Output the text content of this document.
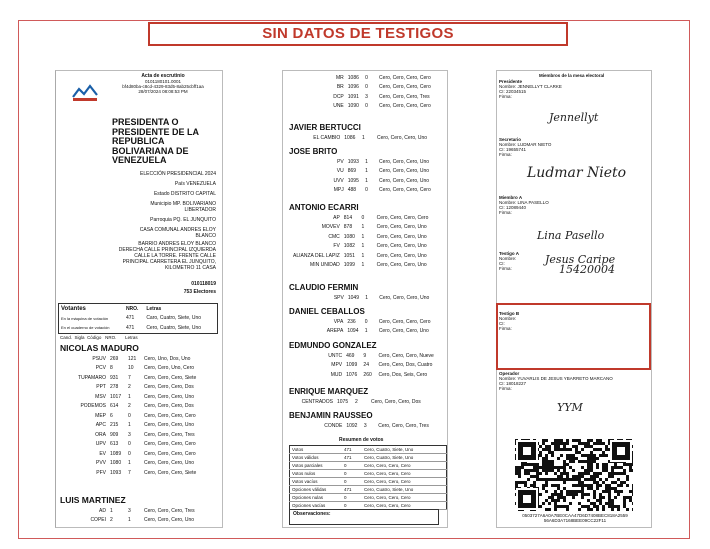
SIN DATOS DE TESTIGOS
Acta de escrutinio
0101180101.0001
bf4d80ba-c8cd-4329-83d5-8ab25cbff1aa
28/07/2024 08:08:53 PM
PRESIDENTA O PRESIDENTE DE LA REPUBLICA BOLIVARIANA DE VENEZUELA
ELECCIÓN PRESIDENCIAL 2024
País VENEZUELA
Estado DISTRITO CAPITAL
Municipio MP. BOLIVARIANO LIBERTADOR
Parroquia PQ. EL JUNQUITO
CASA COMUNAL ANDRES ELOY BLANCO
BARRIO ANDRES ELOY BLANCO DERECHA CALLE PRINCIPAL IZQUIERDA CALLE LA TORRE. FRENTE CALLE PRINCIPAL CARRETERA EL JUNQUITO, KILOMETRO 11 CASA
010118019
753 Electores
Votantes	NRO.	Letras
En la máquina de votación	471	Caro, Cuatro, Siete, Uno
En el cuaderno de votación	471	Cero, Cuatro, Siete, Uno
Cand. Sigla Código NRO. Letras
NICOLAS MADURO
PSUV	269	121	Cero, Uno, Dos, Uno
PCV	8	10	Cero, Cero, Uno, Cero
TUPAMARO	931	7	Cero, Cero, Cero, Siete
PPT	278	2	Cero, Cero, Cero, Dos
MSV	1017	1	Cero, Cero, Cero, Uno
PODEMOS	614	2	Cero, Cero, Cero, Dos
MEP	6	0	Cero, Cero, Cero, Cero
APC	215	1	Cero, Cero, Cero, Uno
ORA	909	3	Cero, Cero, Cero, Tres
UPV	613	0	Cero, Cero, Cero, Cero
EV	1089	0	Cero, Cero, Cero, Cero
PVV	1080	1	Cero, Cero, Cero, Uno
PFV	1093	7	Cero, Cero, Cero, Siete
LUIS MARTINEZ
AD	1	3	Cero, Cero, Cero, Tres
COPEI	2	1	Cero, Cero, Cero, Uno
MR	1086	0	Cero, Cero, Cero, Cero
BR	1096	0	Cero, Cero, Cero, Cero
DCP	1091	3	Cero, Cero, Cero, Tres
UNE	1090	0	Cero, Cero, Cero, Cero
JAVIER BERTUCCI
EL CAMBIO	1086	1	Cero, Cero, Cero, Uno
JOSE BRITO
PV	1093	1	Cero, Cero, Cero, Uno
VU	869	1	Cero, Cero, Cero, Uno
UVV	1095	1	Cero, Cero, Cero, Uno
MPJ	488	0	Cero, Cero, Cero, Cero
ANTONIO ECARRI
AP	814	0	Cero, Cero, Cero, Cero
MOVEV	878	1	Cero, Cero, Cero, Uno
CMC	1080	1	Cero, Cero, Cero, Uno
FV	1082	1	Cero, Cero, Cero, Uno
ALIANZA DEL LAPIZ	1051	1	Cero, Cero, Cero, Uno
MIN UNIDAD	1099	1	Cero, Cero, Cero, Uno
CLAUDIO FERMIN
SPV	1049	1	Cero, Cero, Cero, Uno
DANIEL CEBALLOS
VPA	236	0	Cero, Cero, Cero, Cero
AREPA	1094	1	Cero, Cero, Cero, Uno
EDMUNDO GONZALEZ
UNTC	469	9	Cero, Cero, Cero, Nueve
MPV	1099	24	Cero, Cero, Dos, Cuatro
MUD	1076	260	Cero, Dos, Seis, Cero
ENRIQUE MARQUEZ
CENTRADOS	1075	2	Cero, Cero, Cero, Dos
BENJAMIN RAUSSEO
CONDE	1092	3	Cero, Cero, Cero, Tres
Resumen de votos
Votos	471	Cero, Cuatro, Siete, Uno
Votos válidos	471	Cero, Cuatro, Siete, Uno
Votos parciales	0	Cero, Cero, Cero, Cero
Votos nulos	0	Cero, Cero, Cero, Cero
Votos vacíos	0	Cero, Cero, Cero, Cero
Opciones válidas	471	Cero, Cuatro, Siete, Uno
Opciones nulas	0	Cero, Cero, Cero, Cero
Opciones vacías	0	Cero, Cero, Cero, Cero
Observaciones:
Miembros de la mesa electoral
Presidente
Nombre: JENNELLYT CLARKE
CI: 22034515
Firma:
Jennellyt
Secretario
Nombre: LUDMAR NIETO
CI: 19655741
Firma:
Ludmar Nieto
Miembro A
Nombre: LINA PASELLO
CI: 12089440
Firma:
Lina Pasello
Testigo A
Nombre:
CI:
Firma:
Jesus Caripe
15420004
Testigo B
Nombre:
CI:
Firma:
Operador
Nombre: YUVARLIS DE JESUS YBARRETO MARCANO
CI: 18018227
Firma:
YYM
0503727A6A0A7BE0CAA47D6D7408BEC818A2559 56A6D3A7168BEE09CC22F11
